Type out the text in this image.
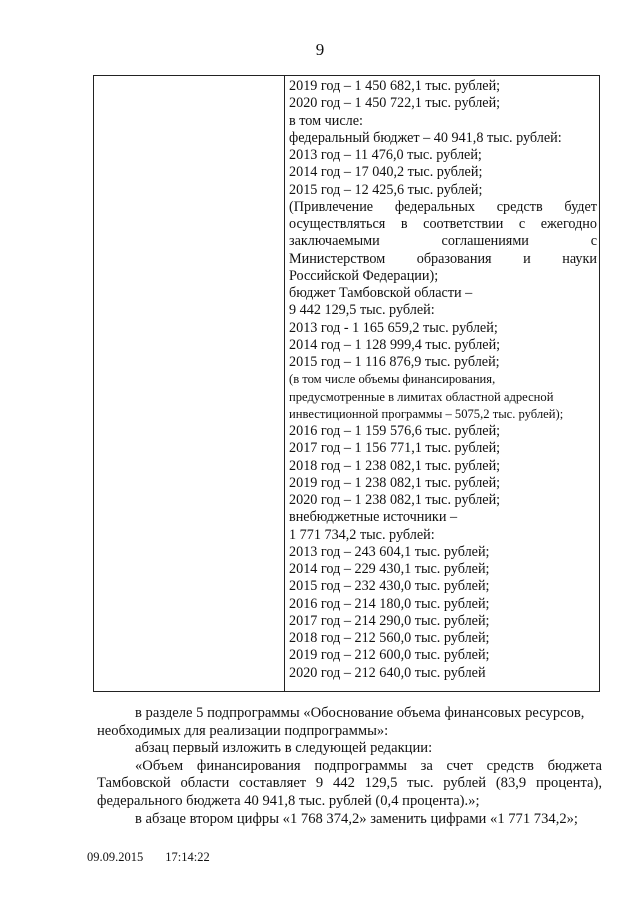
9
2019 год – 1 450 682,1 тыс. рублей;
2020 год – 1 450 722,1 тыс. рублей;
в том числе:
федеральный бюджет – 40 941,8 тыс. рублей:
2013 год – 11 476,0 тыс. рублей;
2014 год – 17 040,2 тыс. рублей;
2015 год – 12 425,6 тыс. рублей;
(Привлечение федеральных средств будет
осуществляться в соответствии с ежегодно
заключаемыми соглашениями с
Министерством образования и науки
Российской Федерации);
бюджет Тамбовской области –
9 442 129,5 тыс. рублей:
2013 год - 1 165 659,2 тыс. рублей;
2014 год – 1 128 999,4 тыс. рублей;
2015 год – 1 116 876,9 тыс. рублей;
(в том числе объемы финансирования,
предусмотренные в лимитах областной адресной
инвестиционной программы – 5075,2 тыс. рублей);
2016 год – 1 159 576,6 тыс. рублей;
2017 год – 1 156 771,1 тыс. рублей;
2018 год – 1 238 082,1 тыс. рублей;
2019 год – 1 238 082,1 тыс. рублей;
2020 год – 1 238 082,1 тыс. рублей;
внебюджетные источники –
1 771 734,2 тыс. рублей:
2013 год – 243 604,1 тыс. рублей;
2014 год – 229 430,1 тыс. рублей;
2015 год – 232 430,0 тыс. рублей;
2016 год – 214 180,0 тыс. рублей;
2017 год – 214 290,0 тыс. рублей;
2018 год – 212 560,0 тыс. рублей;
2019 год – 212 600,0 тыс. рублей;
2020 год – 212 640,0 тыс. рублей
в разделе 5 подпрограммы «Обоснование объема финансовых ресурсов,
необходимых для реализации подпрограммы»:
абзац первый изложить в следующей редакции:
«Объем финансирования подпрограммы за счет средств бюджета
Тамбовской области составляет 9 442 129,5 тыс. рублей (83,9 процента),
федерального бюджета 40 941,8 тыс. рублей (0,4 процента).»;
в абзаце втором цифры «1 768 374,2» заменить цифрами «1 771 734,2»;
09.09.2015 17:14:22
